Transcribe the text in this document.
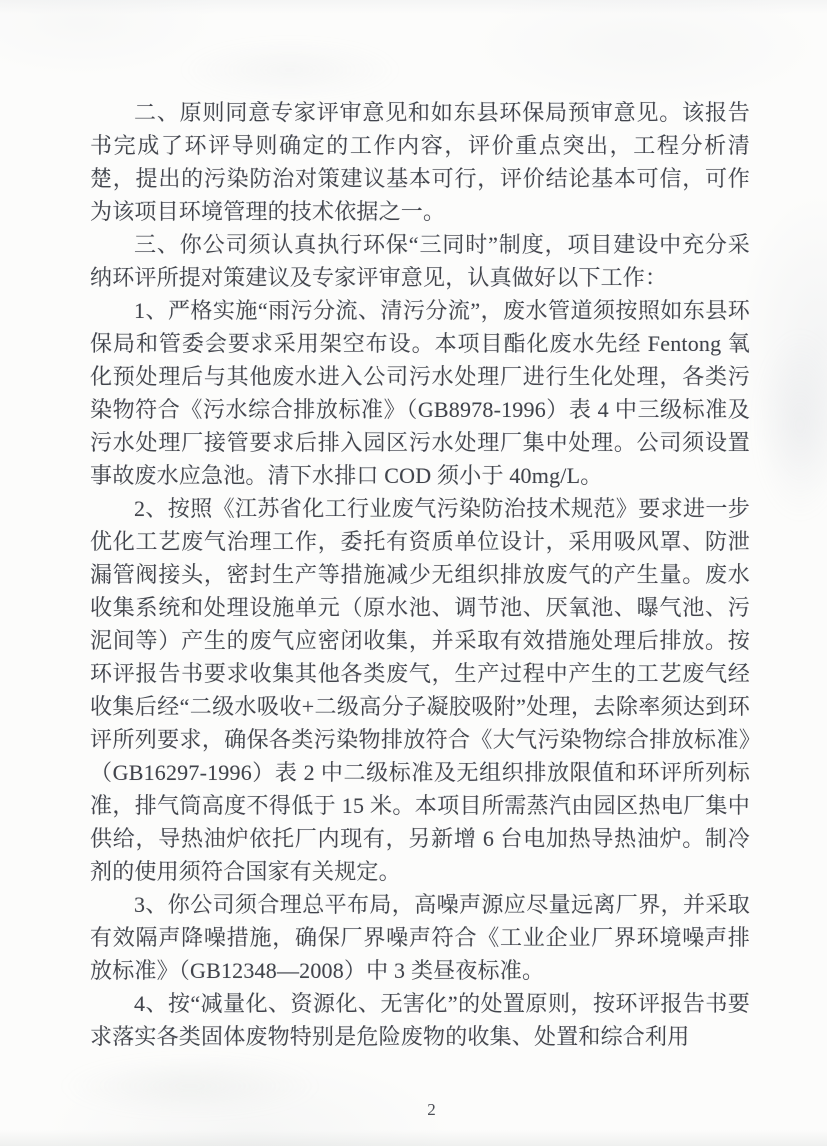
二、原则同意专家评审意见和如东县环保局预审意见。该报告书完成了环评导则确定的工作内容，评价重点突出，工程分析清楚，提出的污染防治对策建议基本可行，评价结论基本可信，可作为该项目环境管理的技术依据之一。

三、你公司须认真执行环保“三同时”制度，项目建设中充分采纳环评所提对策建议及专家评审意见，认真做好以下工作：

1、严格实施“雨污分流、清污分流”，废水管道须按照如东县环保局和管委会要求采用架空布设。本项目酯化废水先经 Fentong 氧化预处理后与其他废水进入公司污水处理厂进行生化处理，各类污染物符合《污水综合排放标准》（GB8978-1996）表 4 中三级标准及污水处理厂接管要求后排入园区污水处理厂集中处理。公司须设置事故废水应急池。清下水排口 COD 须小于 40mg/L。

2、按照《江苏省化工行业废气污染防治技术规范》要求进一步优化工艺废气治理工作，委托有资质单位设计，采用吸风罩、防泄漏管阀接头，密封生产等措施减少无组织排放废气的产生量。废水收集系统和处理设施单元（原水池、调节池、厌氧池、曝气池、污泥间等）产生的废气应密闭收集，并采取有效措施处理后排放。按环评报告书要求收集其他各类废气，生产过程中产生的工艺废气经收集后经“二级水吸收+二级高分子凝胶吸附”处理，去除率须达到环评所列要求，确保各类污染物排放符合《大气污染物综合排放标准》（GB16297-1996）表 2 中二级标准及无组织排放限值和环评所列标准，排气筒高度不得低于 15 米。本项目所需蒸汽由园区热电厂集中供给，导热油炉依托厂内现有，另新增 6 台电加热导热油炉。制冷剂的使用须符合国家有关规定。

3、你公司须合理总平布局，高噪声源应尽量远离厂界，并采取有效隔声降噪措施，确保厂界噪声符合《工业企业厂界环境噪声排放标准》（GB12348—2008）中 3 类昼夜标准。

4、按“减量化、资源化、无害化”的处置原则，按环评报告书要求落实各类固体废物特别是危险废物的收集、处置和综合利用

2
